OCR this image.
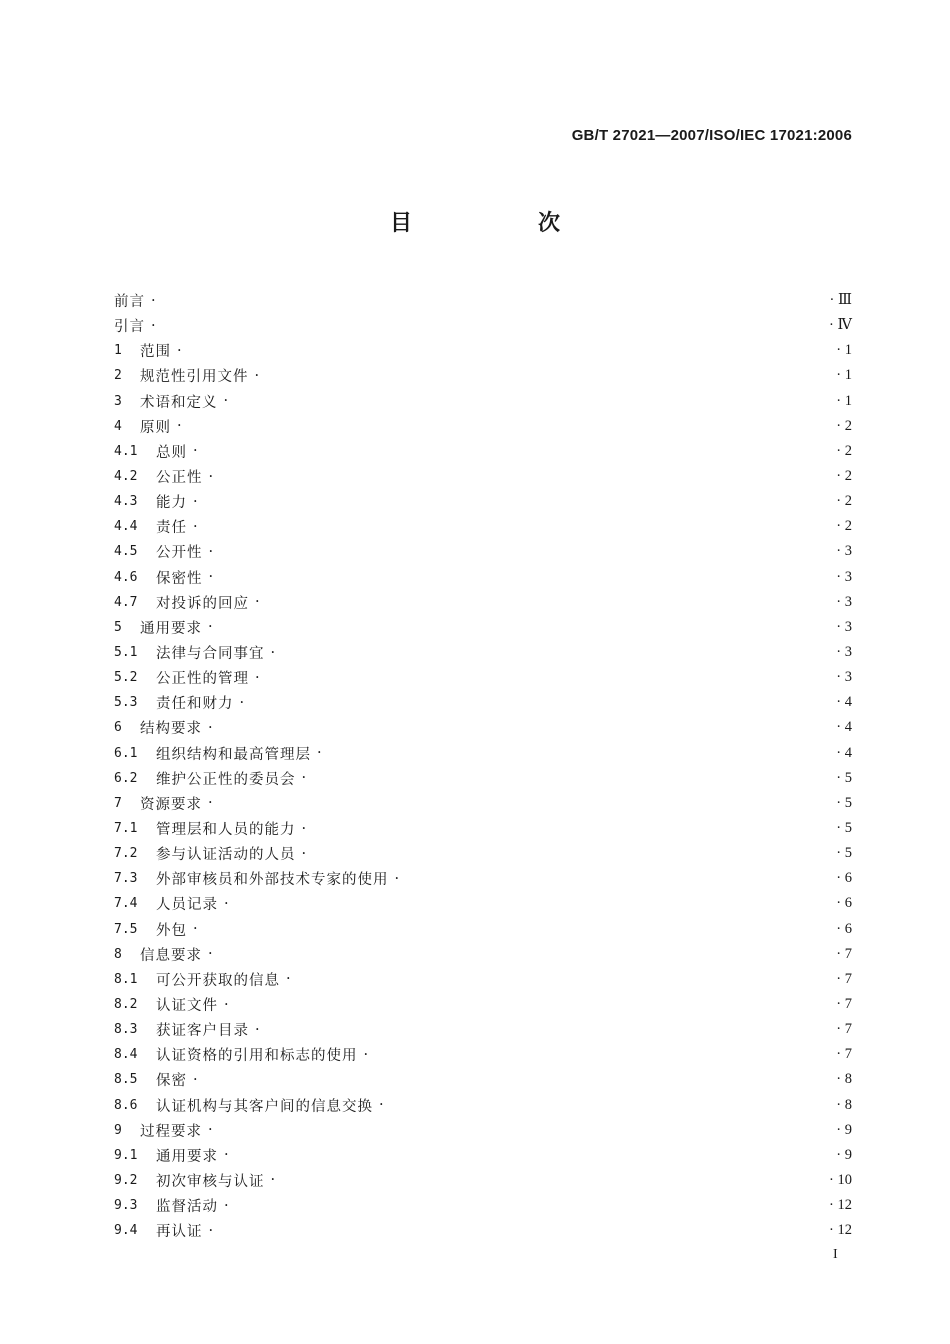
GB/T 27021—2007/ISO/IEC 17021:2006
目　次
前言 ·	· Ⅲ
引言 ·	· Ⅳ
1	范围 ·	· 1
2	规范性引用文件 ·	· 1
3	术语和定义 ·	· 1
4	原则 ·	· 2
4.1	总则 ·	· 2
4.2	公正性 ·	· 2
4.3	能力 ·	· 2
4.4	责任 ·	· 2
4.5	公开性 ·	· 3
4.6	保密性 ·	· 3
4.7	对投诉的回应 ·	· 3
5	通用要求 ·	· 3
5.1	法律与合同事宜 ·	· 3
5.2	公正性的管理 ·	· 3
5.3	责任和财力 ·	· 4
6	结构要求 ·	· 4
6.1	组织结构和最高管理层 ·	· 4
6.2	维护公正性的委员会 ·	· 5
7	资源要求 ·	· 5
7.1	管理层和人员的能力 ·	· 5
7.2	参与认证活动的人员 ·	· 5
7.3	外部审核员和外部技术专家的使用 ·	· 6
7.4	人员记录 ·	· 6
7.5	外包 ·	· 6
8	信息要求 ·	· 7
8.1	可公开获取的信息 ·	· 7
8.2	认证文件 ·	· 7
8.3	获证客户目录 ·	· 7
8.4	认证资格的引用和标志的使用 ·	· 7
8.5	保密 ·	· 8
8.6	认证机构与其客户间的信息交换 ·	· 8
9	过程要求 ·	· 9
9.1	通用要求 ·	· 9
9.2	初次审核与认证 ·	· 10
9.3	监督活动 ·	· 12
9.4	再认证 ·	· 12
I
